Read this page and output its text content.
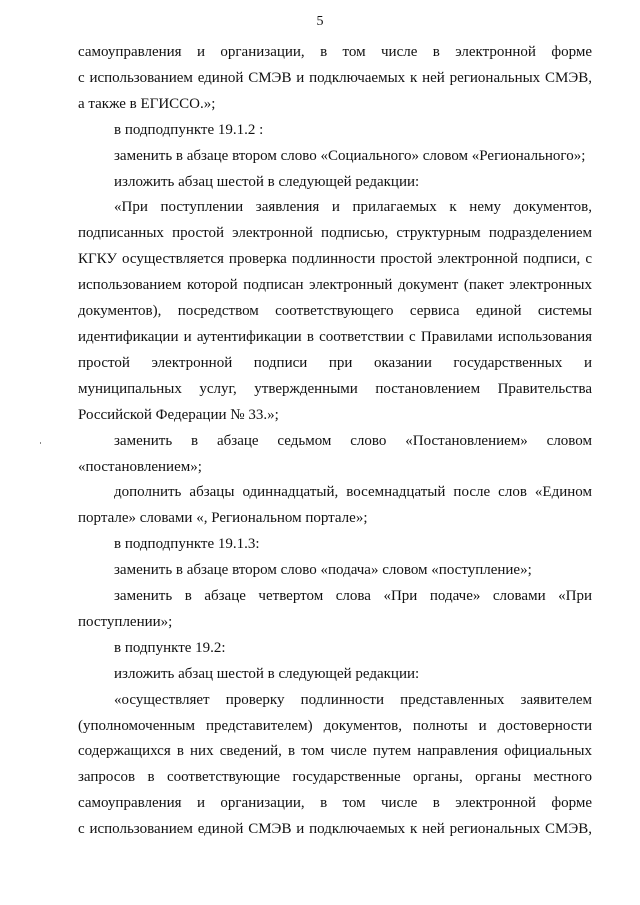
5

самоуправления и организации, в том числе в электронной форме
с использованием единой СМЭВ и подключаемых к ней региональных СМЭВ,
а также в ЕГИССО.»;

в подподпункте 19.1.2 :

заменить в абзаце втором слово «Социального» словом «Регионального»;

изложить абзац шестой в следующей редакции:

«При поступлении заявления и прилагаемых к нему документов,
подписанных простой электронной подписью, структурным подразделением
КГКУ осуществляется проверка подлинности простой электронной подписи, с
использованием которой подписан электронный документ (пакет электронных
документов), посредством соответствующего сервиса единой системы
идентификации и аутентификации в соответствии с Правилами использования
простой электронной подписи при оказании государственных и
муниципальных услуг, утвержденными постановлением Правительства
Российской Федерации № 33.»;

заменить в абзаце седьмом слово «Постановлением» словом
«постановлением»;

дополнить абзацы одиннадцатый, восемнадцатый после слов «Едином
портале» словами «, Региональном портале»;

в подподпункте 19.1.3:

заменить в абзаце втором слово «подача» словом «поступление»;

заменить в абзаце четвертом слова «При подаче» словами «При
поступлении»;

в подпункте 19.2:

изложить абзац шестой в следующей редакции:

«осуществляет проверку подлинности представленных заявителем
(уполномоченным представителем) документов, полноты и достоверности
содержащихся в них сведений, в том числе путем направления официальных
запросов в соответствующие государственные органы, органы местного
самоуправления и организации, в том числе в электронной форме
с использованием единой СМЭВ и подключаемых к ней региональных СМЭВ,
